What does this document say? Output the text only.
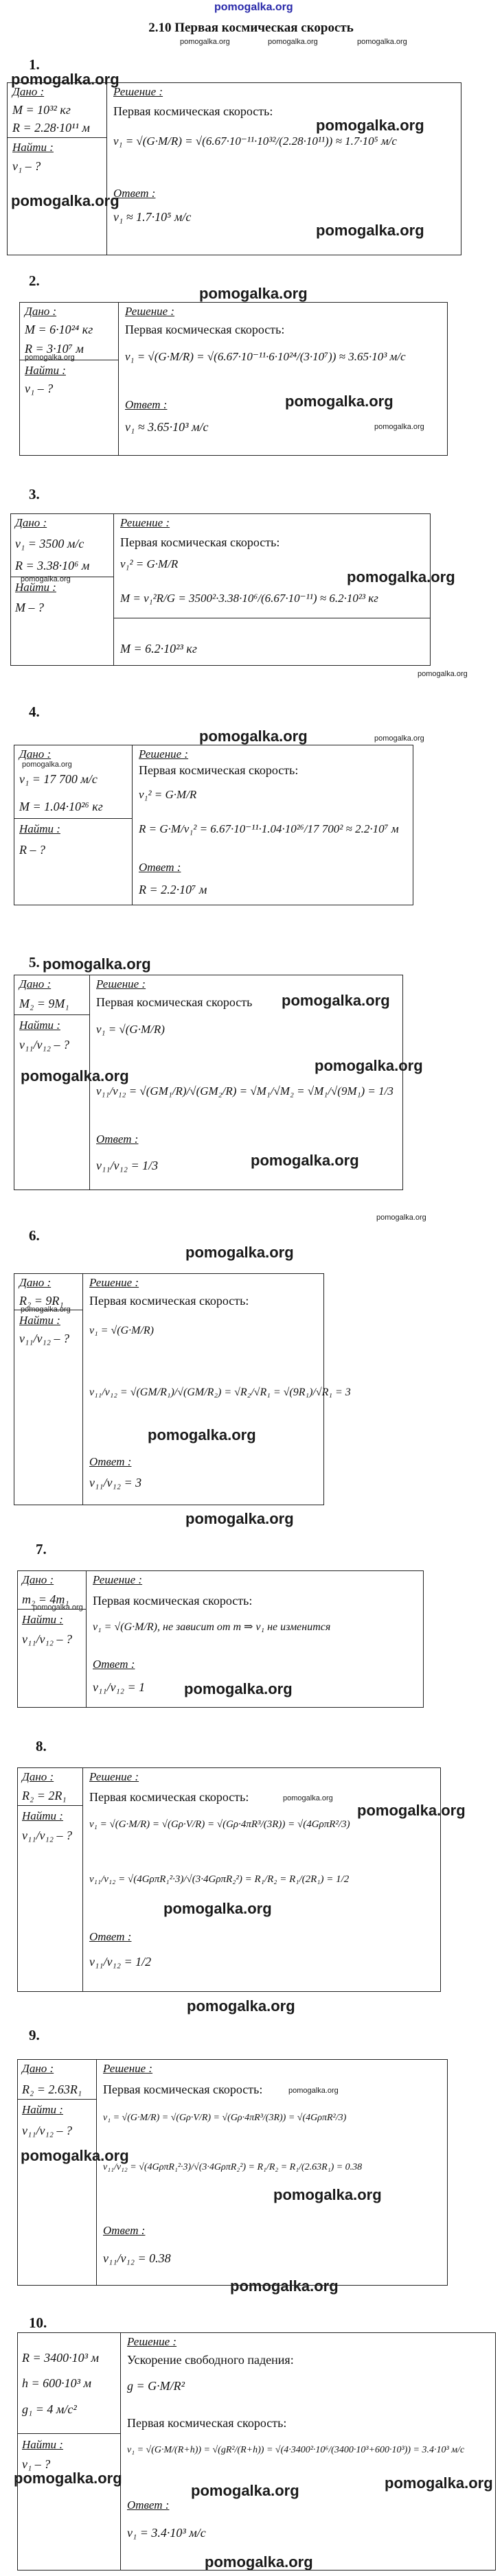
pomogalka.org
2.10 Первая космическая скорость
pomogalka.org	pomogalka.org	pomogalka.org
1.
Дано :
M = 10³² кг
R = 2.28·10¹¹ м
Найти :
v₁ – ?
Решение :
Первая космическая скорость:
v₁ = √(G·M/R) = √(6.67·10⁻¹¹·10³²/(2.28·10¹¹)) ≈ 1.7·10⁵ м/с
Ответ :
v₁ ≈ 1.7·10⁵ м/с
pomogalka.org
pomogalka.org
pomogalka.org
pomogalka.org
2.
Дано :
M = 6·10²⁴ кг
R = 3·10⁷ м
Найти :
v₁ – ?
Решение :
Первая космическая скорость:
v₁ = √(G·M/R) = √(6.67·10⁻¹¹·6·10²⁴/(3·10⁷)) ≈ 3.65·10³ м/с
Ответ :
v₁ ≈ 3.65·10³ м/с
pomogalka.org
pomogalka.org
pomogalka.org
pomogalka.org
3.
Дано :
v₁ = 3500 м/с
R = 3.38·10⁶ м
Найти :
M – ?
Решение :
Первая космическая скорость:
v₁² = G·M/R
M = v₁²R/G = 3500²·3.38·10⁶/(6.67·10⁻¹¹) ≈ 6.2·10²³ кг
M = 6.2·10²³ кг
pomogalka.org	pomogalka.org
pomogalka.org
4.
Дано :
v₁ = 17 700 м/с
M = 1.04·10²⁶ кг
Найти :
R – ?
Решение :
Первая космическая скорость:
v₁² = G·M/R
R = G·M/v₁² = 6.67·10⁻¹¹·1.04·10²⁶/17 700² ≈ 2.2·10⁷ м
Ответ :
R = 2.2·10⁷ м
pomogalka.org	pomogalka.org
pomogalka.org
5. pomogalka.org
Дано :
M₂ = 9M₁
Найти :
v₁₁/v₁₂ – ?
Решение :
Первая космическая скорость
v₁ = √(G·M/R)
v₁₁/v₁₂ = √(GM₁/R)/√(GM₂/R) = √M₁/√M₂ = √M₁/√(9M₁) = 1/3
Ответ :
v₁₁/v₁₂ = 1/3
pomogalka.org
pomogalka.org
pomogalka.org
pomogalka.org
6.
pomogalka.org
Дано :
R₂ = 9R₁
Найти :
v₁₁/v₁₂ – ?
Решение :
Первая космическая скорость:
v₁ = √(G·M/R)
v₁₁/v₁₂ = √(GM/R₁)/√(GM/R₂) = √R₂/√R₁ = √(9R₁)/√R₁ = 3
Ответ :
v₁₁/v₁₂ = 3
pomogalka.org
pomogalka.org
pomogalka.org
pomogalka.org
7.
Дано :
m₂ = 4m₁
Найти :
v₁₁/v₁₂ – ?
Решение :
Первая космическая скорость:
v₁ = √(G·M/R), не зависит от m ⇒ v₁ не изменится
Ответ :
v₁₁/v₁₂ = 1
pomogalka.org
pomogalka.org
8.
Дано :
R₂ = 2R₁
Найти :
v₁₁/v₁₂ – ?
Решение :
Первая космическая скорость:
v₁ = √(G·M/R) = √(Gρ·V/R) = √(Gρ·4πR³/(3R)) = √(4GρπR²/3)
v₁₁/v₁₂ = √(4GρπR₁²·3)/√(3·4GρπR₂²) = R₁/R₂ = R₁/(2R₁) = 1/2
Ответ :
v₁₁/v₁₂ = 1/2
pomogalka.org
pomogalka.org
pomogalka.org
pomogalka.org
9.
Дано :
R₂ = 2.63R₁
Найти :
v₁₁/v₁₂ – ?
Решение :
Первая космическая скорость:
v₁ = √(G·M/R) = √(Gρ·V/R) = √(Gρ·4πR³/(3R)) = √(4GρπR²/3)
v₁₁/v₁₂ = √(4GρπR₁²·3)/√(3·4GρπR₂²) = R₁/R₂ = R₁/(2.63R₁) = 0.38
Ответ :
v₁₁/v₁₂ = 0.38
pomogalka.org
pomogalka.org
pomogalka.org
pomogalka.org
10.
R = 3400·10³ м
h = 600·10³ м
g₁ = 4 м/с²
Найти :
v₁ – ?
Решение :
Ускорение свободного падения:
g = G·M/R²
Первая космическая скорость:
v₁ = √(G·M/(R+h)) = √(gR²/(R+h)) = √(4·3400²·10⁶/(3400·10³+600·10³)) = 3.4·10³ м/с
Ответ :
v₁ = 3.4·10³ м/с
pomogalka.org
pomogalka.org	pomogalka.org
pomogalka.org
